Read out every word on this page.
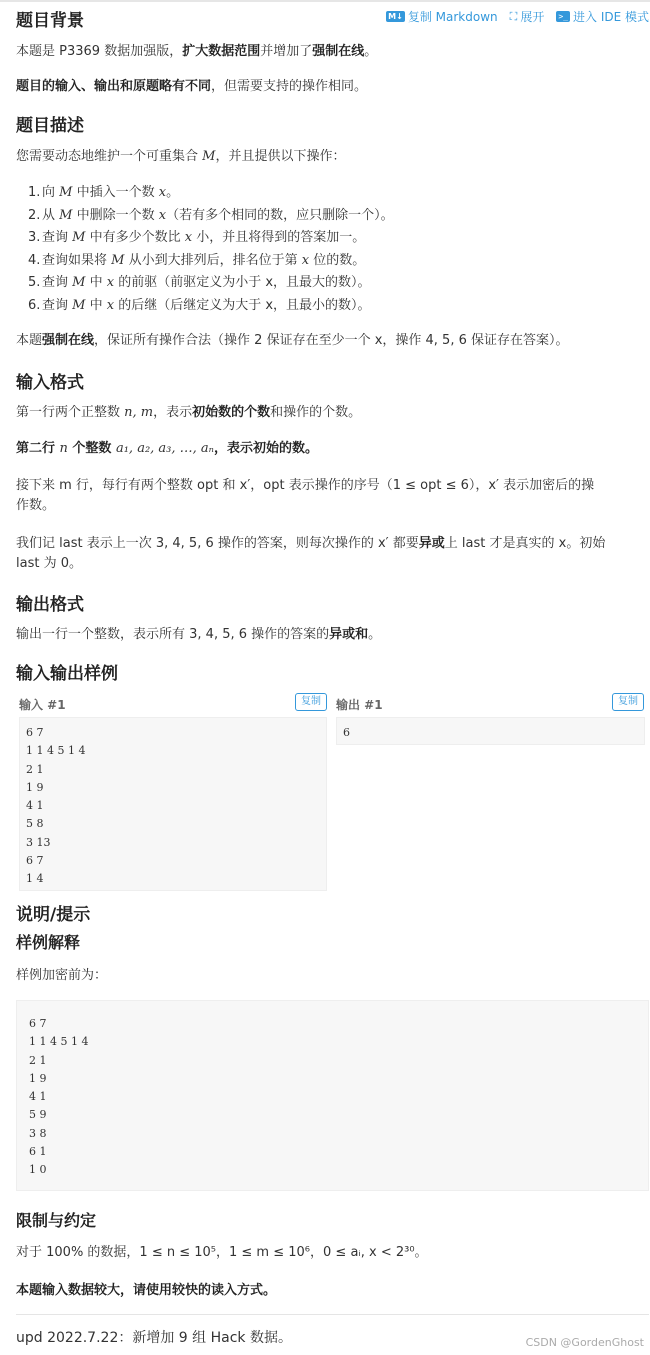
M↓ 复制 Markdown ⛶ 展开 >_ 进入 IDE 模式
题目背景
本题是 P3369 数据加强版，扩大数据范围并增加了强制在线。
题目的输入、输出和原题略有不同，但需要支持的操作相同。
题目描述
您需要动态地维护一个可重集合 M，并且提供以下操作：
1. 向 M 中插入一个数 x。
2. 从 M 中删除一个数 x（若有多个相同的数，应只删除一个）。
3. 查询 M 中有多少个数比 x 小，并且将得到的答案加一。
4. 查询如果将 M 从小到大排列后，排名位于第 x 位的数。
5. 查询 M 中 x 的前驱（前驱定义为小于 x，且最大的数）。
6. 查询 M 中 x 的后继（后继定义为大于 x，且最小的数）。
本题强制在线，保证所有操作合法（操作 2 保证存在至少一个 x，操作 4, 5, 6 保证存在答案）。
输入格式
第一行两个正整数 n, m，表示初始数的个数和操作的个数。
第二行 n 个整数 a₁, a₂, a₃, …, aₙ，表示初始的数。
接下来 m 行，每行有两个整数 opt 和 x′，opt 表示操作的序号（1 ≤ opt ≤ 6），x′ 表示加密后的操
作数。
我们记 last 表示上一次 3, 4, 5, 6 操作的答案，则每次操作的 x′ 都要异或上 last 才是真实的 x。初始
last 为 0。
输出格式
输出一行一个整数，表示所有 3, 4, 5, 6 操作的答案的异或和。
输入输出样例
输入 #1	复制
6 7
1 1 4 5 1 4
2 1
1 9
4 1
5 8
3 13
6 7
1 4
输出 #1	复制
6
说明/提示
样例解释
样例加密前为：
6 7
1 1 4 5 1 4
2 1
1 9
4 1
5 9
3 8
6 1
1 0
限制与约定
对于 100% 的数据，1 ≤ n ≤ 10⁵，1 ≤ m ≤ 10⁶，0 ≤ aᵢ, x < 2³⁰。
本题输入数据较大，请使用较快的读入方式。
upd 2022.7.22：新增加 9 组 Hack 数据。	CSDN @GordenGhost
